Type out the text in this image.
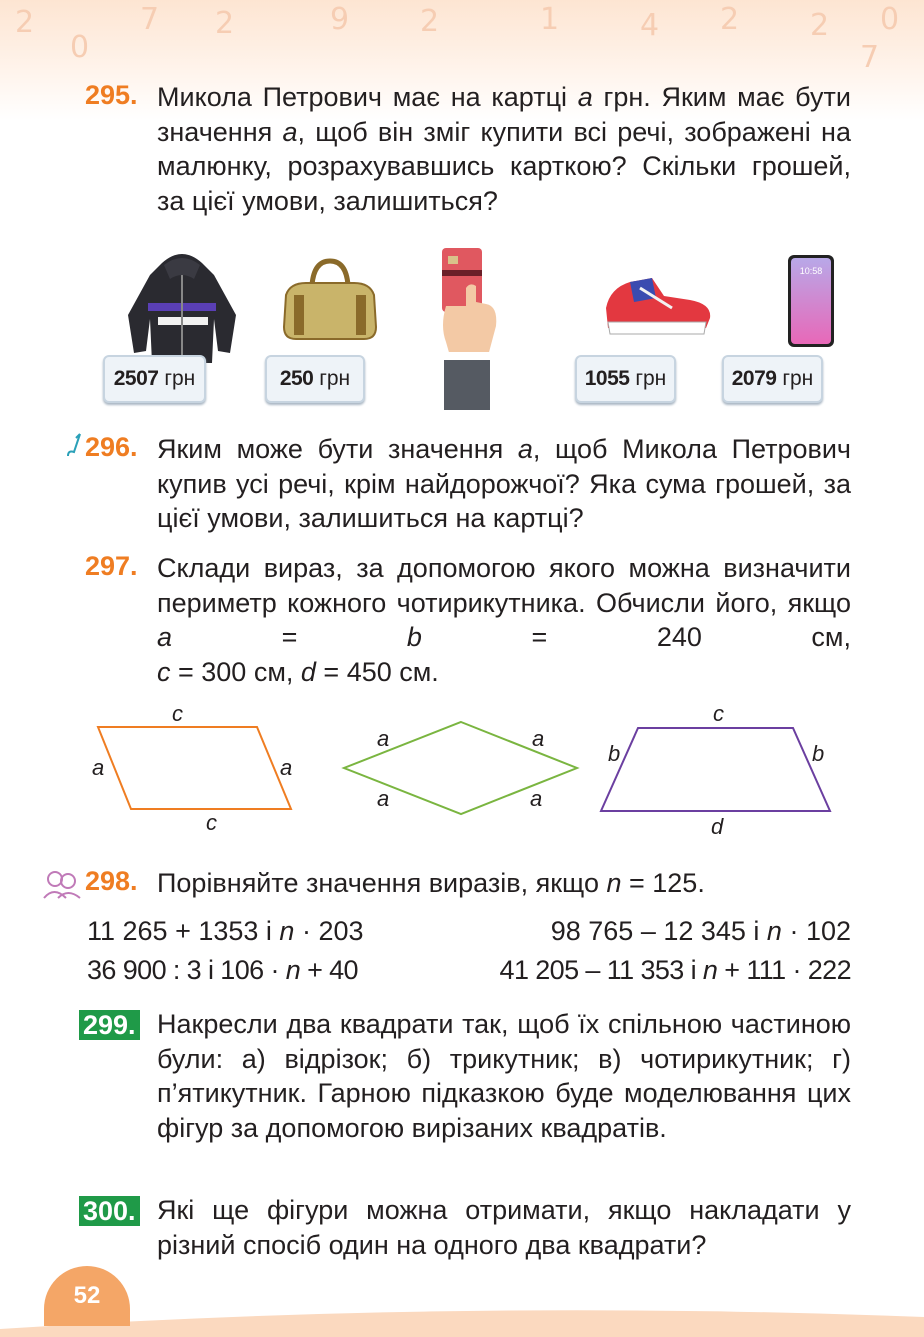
2
0
7 2	9 2	1	4 2 2 0
7
295. Микола Петрович має на картці a грн. Яким має бути значення a, щоб він зміг купити всі речі, зображені на малюнку, розрахувавшись карткою? Скільки грошей, за цієї умови, залишиться?
10:58
2507 грн	250 грн	1055 грн	2079 грн
296. Яким може бути значення a, щоб Микола Петрович купив усі речі, крім найдорожчої? Яка сума грошей, за цієї умови, залишиться на картці?
297. Склади вираз, за допомогою якого можна визначити периметр кожного чотирикутника. Обчисли його, якщо a = b = 240 см,
c = 300 см, d = 450 см.
c
a	a
c
a	a
a	a
c
b	b
d
298. Порівняйте значення виразів, якщо n = 125.
11 265 + 1353 і n · 203	98 765 – 12 345 і n · 102
36 900 : 3 і 106 · n + 40	41 205 – 11 353 і n + 111 · 222
299. Накресли два квадрати так, щоб їх спільною частиною були: а) відрізок; б) трикутник; в) чотирикутник; г) п’ятикутник. Гарною підказкою буде моделювання цих фігур за допомогою вирізаних квадратів.
300. Які ще фігури можна отримати, якщо накладати у різний спосіб один на одного два квадрати?
52
